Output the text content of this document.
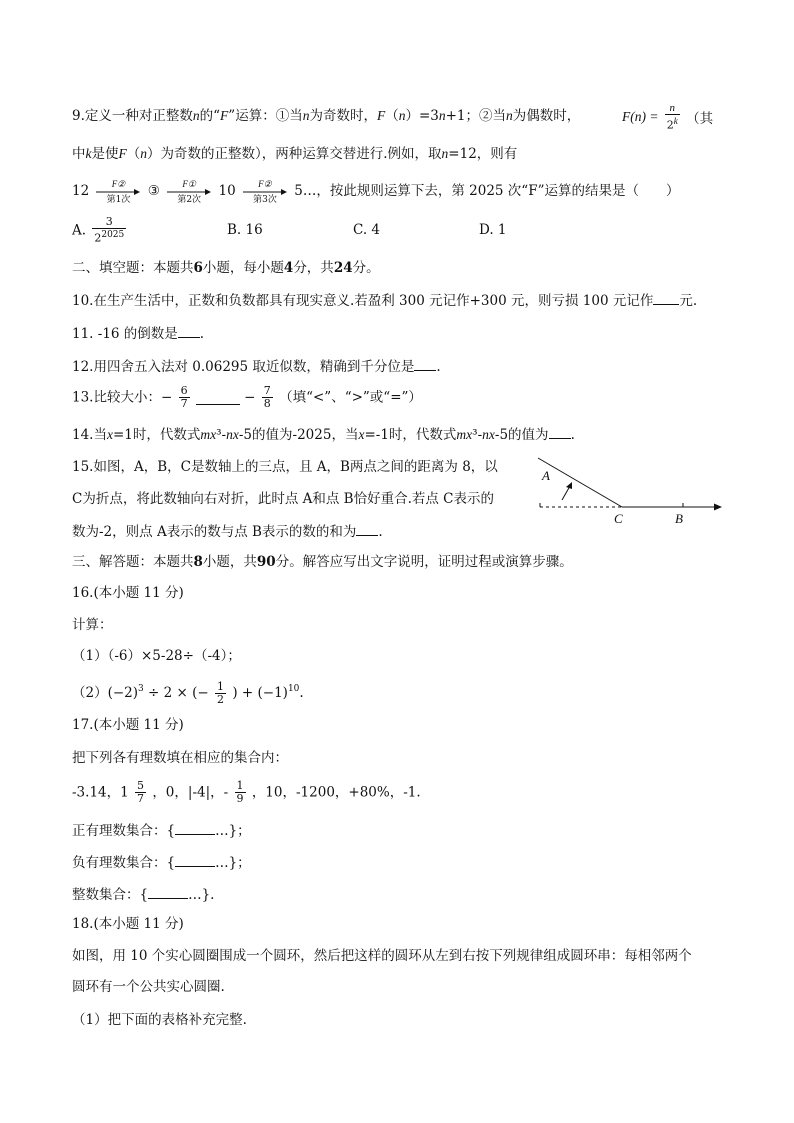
9.定义一种对正整数n的“F”运算：①当n为奇数时，F（n）=3n+1；②当n为偶数时，	$F(n) = \frac{n}{2^k}$ （其
中k是使F（n）为奇数的正整数），两种运算交替进行.例如，取n=12，则有
12	F②
第1次
③	F①
第2次
10	F②
第3次
5…，按此规则运算下去，第 2025 次“F”运算的结果是（　　）
A. $\frac{3}{2^{2025}}$	B. 16	C. 4	D. 1
二、填空题：本题共6小题，每小题4分，共24分。
10.在生产生活中，正数和负数都具有现实意义.若盈利 300 元记作+300 元，则亏损 100 元记作 元.
11. -16 的倒数是 .
12.用四舍五入法对 0.06295 取近似数，精确到千分位是 .
13.比较大小：− $\frac{6}{7}$	− $\frac{7}{8}$ （填“<”、“>”或“=”）
14.当x=1时，代数式mx³-nx-5的值为-2025，当x=-1时，代数式mx³-nx-5的值为 .
15.如图，A，B，C是数轴上的三点，且 A，B两点之间的距离为 8，以
C为折点，将此数轴向右对折，此时点 A和点 B恰好重合.若点 C表示的
数为-2，则点 A表示的数与点 B表示的数的和为 .
A
C	B
三、解答题：本题共8小题，共90分。解答应写出文字说明，证明过程或演算步骤。
16.(本小题 11 分)
计算：
（1）（-6）×5-28÷（-4）；
$(2)(-2)^3 \div 2$ × (− $\frac{1}{2}$ ) + $(-1)^{10}$.
17.(本小题 11 分)
把下列各有理数填在相应的集合内：
-3.14，$1 \frac{5}{7}$ ，0，|-4|，- $\frac{1}{9}$ ，10，-1200，+80%，-1.
正有理数集合：{	…}；
负有理数集合：{	…}；
整数集合：{	…}.
18.(本小题 11 分)
如图，用 10 个实心圆圈围成一个圆环，然后把这样的圆环从左到右按下列规律组成圆环串：每相邻两个
圆环有一个公共实心圆圈.
（1）把下面的表格补充完整.
